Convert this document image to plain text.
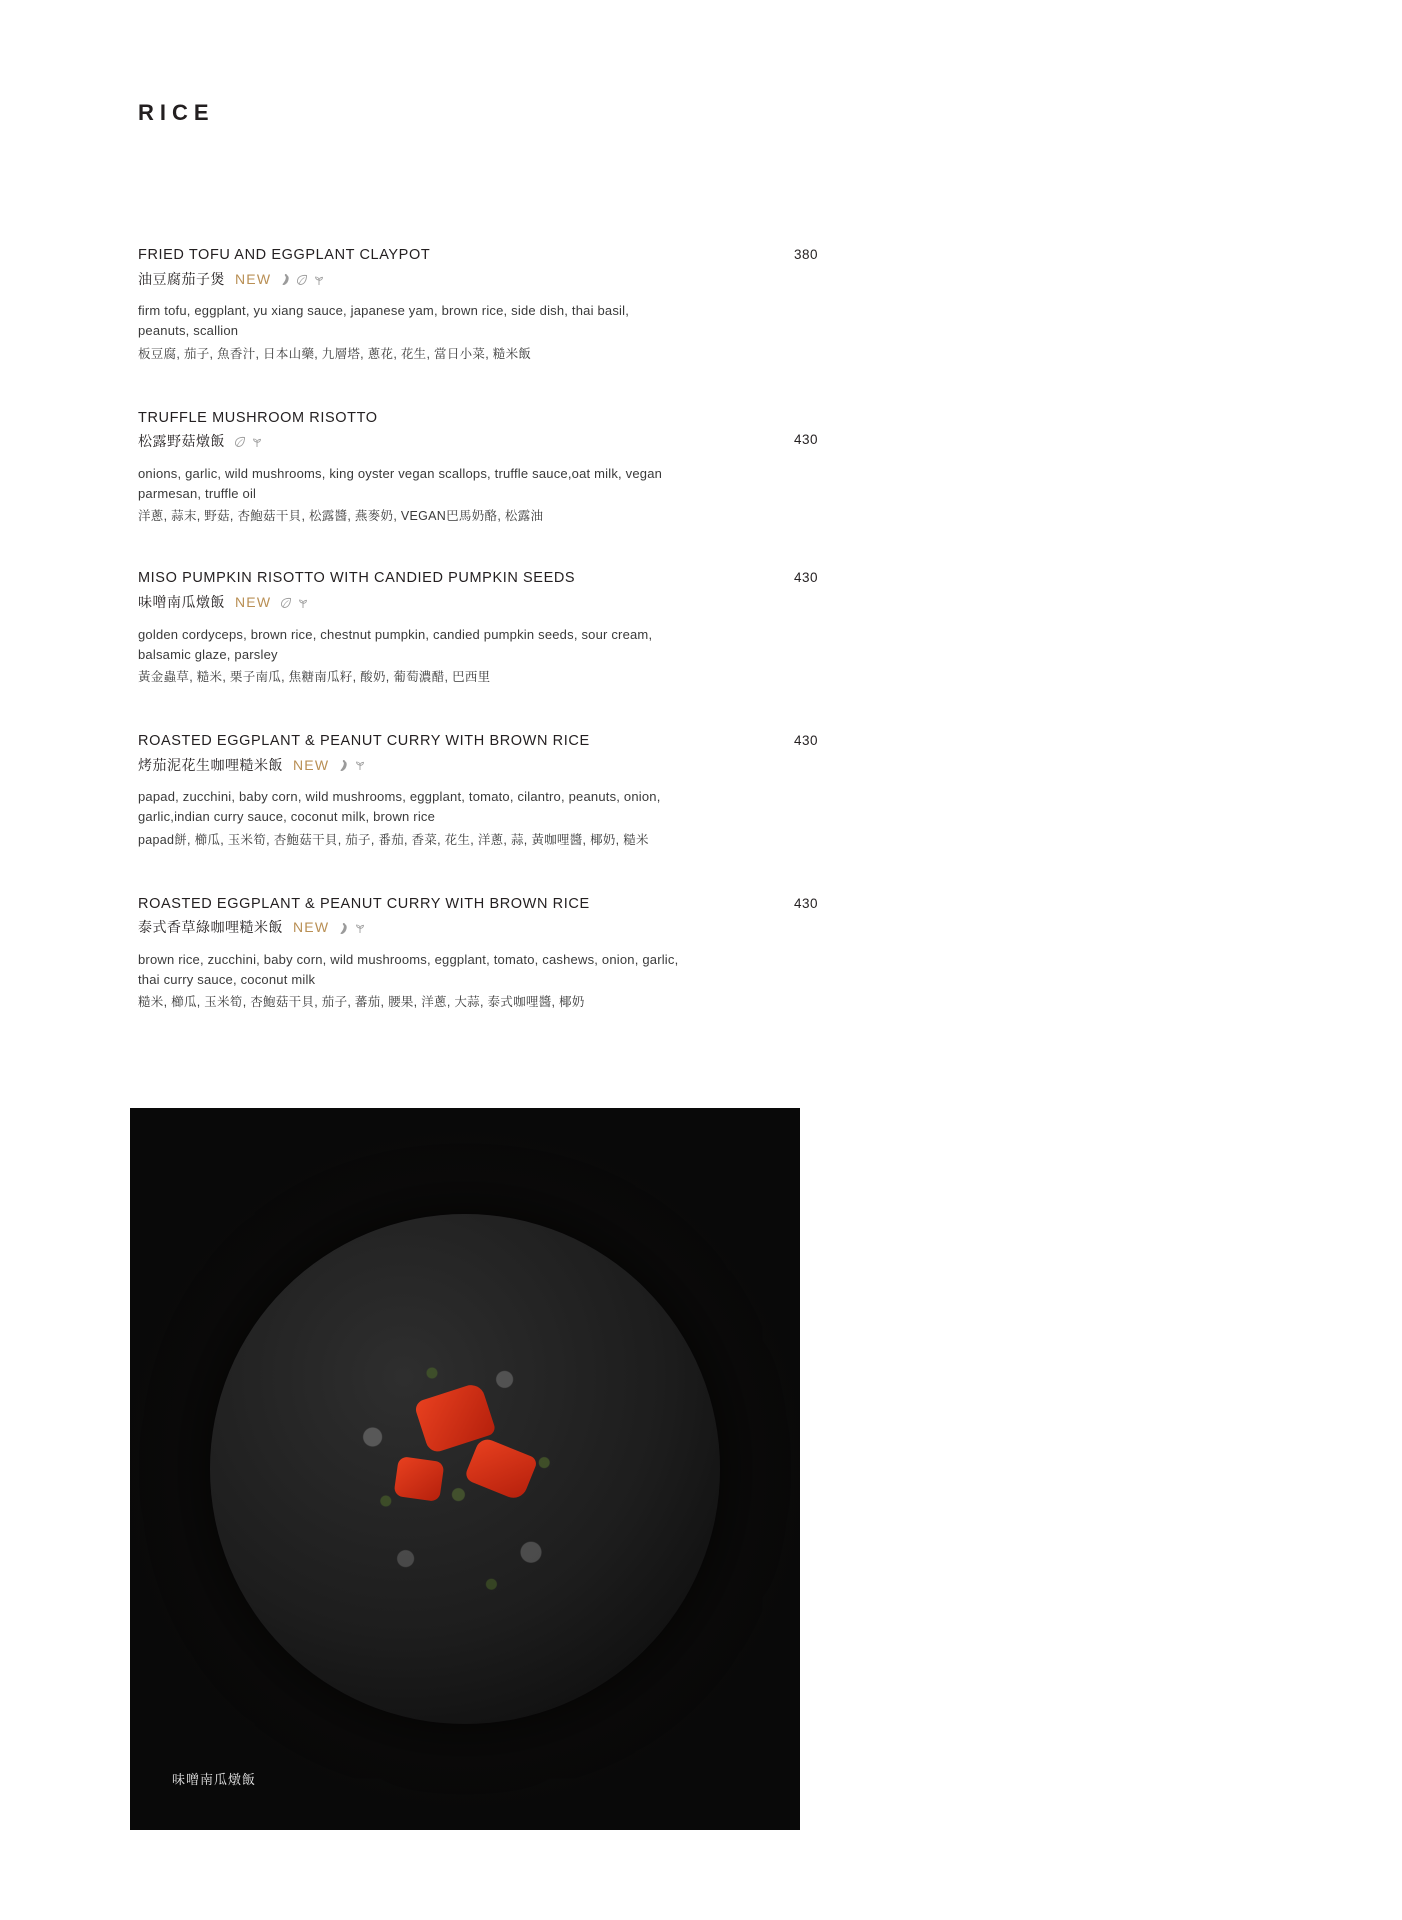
RICE
FRIED TOFU AND EGGPLANT CLAYPOT
油豆腐茄子煲 NEW
380
firm tofu, eggplant, yu xiang sauce, japanese yam, brown rice, side dish, thai basil, peanuts, scallion
板豆腐, 茄子, 魚香汁, 日本山藥, 九層塔, 蔥花, 花生, 當日小菜, 糙米飯
TRUFFLE MUSHROOM RISOTTO
松露野菇燉飯	430
onions, garlic, wild mushrooms, king oyster vegan scallops, truffle sauce,oat milk, vegan parmesan, truffle oil
洋蔥, 蒜末, 野菇, 杏鮑菇干貝, 松露醬, 燕麥奶, VEGAN巴馬奶酪, 松露油
MISO PUMPKIN RISOTTO WITH CANDIED PUMPKIN SEEDS
味噌南瓜燉飯 NEW
430
golden cordyceps, brown rice, chestnut pumpkin, candied pumpkin seeds, sour cream, balsamic glaze, parsley
黃金蟲草, 糙米, 栗子南瓜, 焦糖南瓜籽, 酸奶, 葡萄濃醋, 巴西里
ROASTED EGGPLANT & PEANUT CURRY WITH BROWN RICE
烤茄泥花生咖哩糙米飯 NEW
430
papad, zucchini, baby corn, wild mushrooms, eggplant, tomato, cilantro, peanuts, onion, garlic,indian curry sauce, coconut milk, brown rice
papad餅, 櫛瓜, 玉米筍, 杏鮑菇干貝, 茄子, 番茄, 香菜, 花生, 洋蔥, 蒜, 黃咖哩醬, 椰奶, 糙米
ROASTED EGGPLANT & PEANUT CURRY WITH BROWN RICE
泰式香草綠咖哩糙米飯 NEW
430
brown rice, zucchini, baby corn, wild mushrooms, eggplant, tomato, cashews, onion, garlic, thai curry sauce, coconut milk
糙米, 櫛瓜, 玉米筍, 杏鮑菇干貝, 茄子, 蕃茄, 腰果, 洋蔥, 大蒜, 泰式咖哩醬, 椰奶
味噌南瓜燉飯
